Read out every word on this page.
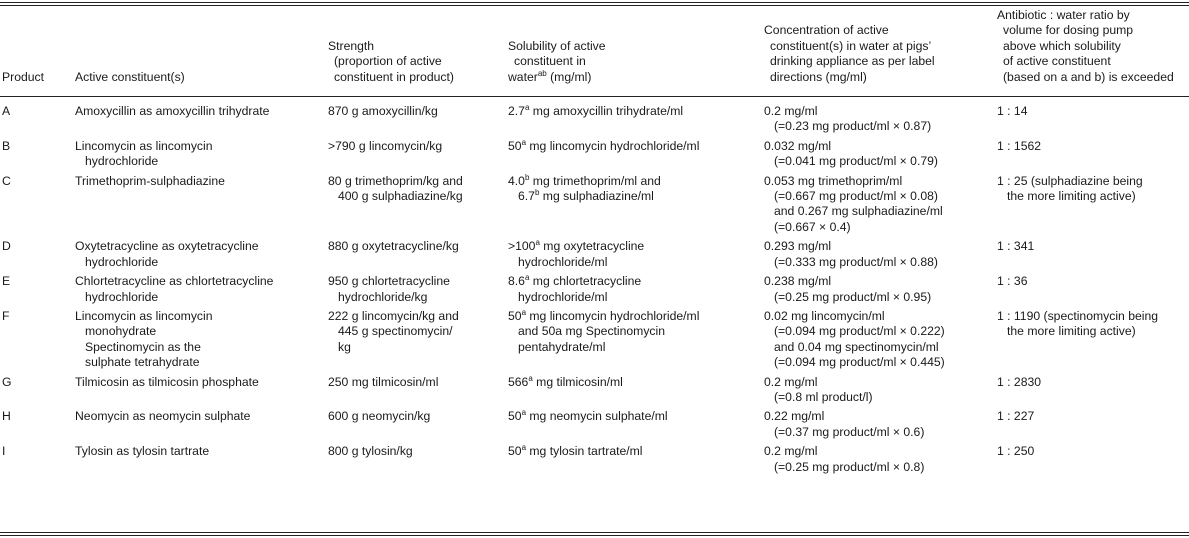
Product	Active constituent(s)	Strength
(proportion of active
constituent in product)	Solubility of active
constituent in
water$^{ab}$ (mg/ml)	Concentration of active
constituent(s) in water at pigs’
drinking appliance as per label
directions (mg/ml)	Antibiotic : water ratio by
volume for dosing pump
above which solubility
of active constituent
(based on a and b) is exceeded

A	Amoxycillin as amoxycillin trihydrate	870 g amoxycillin/kg	2.7$^a$ mg amoxycillin trihydrate/ml	0.2 mg/ml
(=0.23 mg product/ml × 0.87)	1 : 14

B	Lincomycin as lincomycin
hydrochloride	>790 g lincomycin/kg	50$^a$ mg lincomycin hydrochloride/ml	0.032 mg/ml
(=0.041 mg product/ml × 0.79)	1 : 1562

C	Trimethoprim-sulphadiazine	80 g trimethoprim/kg and
400 g sulphadiazine/kg	4.0$^b$ mg trimethoprim/ml and
6.7$^b$ mg sulphadiazine/ml	0.053 mg trimethoprim/ml
(=0.667 mg product/ml × 0.08)
and 0.267 mg sulphadiazine/ml
(=0.667 × 0.4)	1 : 25 (sulphadiazine being
the more limiting active)

D	Oxytetracycline as oxytetracycline
hydrochloride	880 g oxytetracycline/kg	$>100^a$ mg oxytetracycline
hydrochloride/ml	0.293 mg/ml
(=0.333 mg product/ml × 0.88)	1 : 341

E	Chlortetracycline as chlortetracycline
hydrochloride	950 g chlortetracycline
hydrochloride/kg	8.6$^a$ mg chlortetracycline
hydrochloride/ml	0.238 mg/ml
(=0.25 mg product/ml × 0.95)	1 : 36

F	Lincomycin as lincomycin
monohydrate
Spectinomycin as the
sulphate tetrahydrate	222 g lincomycin/kg and
445 g spectinomycin/
kg	50$^a$ mg lincomycin hydrochloride/ml
and 50a mg Spectinomycin
pentahydrate/ml	0.02 mg lincomycin/ml
(=0.094 mg product/ml × 0.222)
and 0.04 mg spectinomycin/ml
(=0.094 mg product/ml × 0.445)	1 : 1190 (spectinomycin being
the more limiting active)

G	Tilmicosin as tilmicosin phosphate	250 mg tilmicosin/ml	566$^a$ mg tilmicosin/ml	0.2 mg/ml
(=0.8 ml product/l)	1 : 2830

H	Neomycin as neomycin sulphate	600 g neomycin/kg	50$^a$ mg neomycin sulphate/ml	0.22 mg/ml
(=0.37 mg product/ml × 0.6)	1 : 227

I	Tylosin as tylosin tartrate	800 g tylosin/kg	50$^a$ mg tylosin tartrate/ml	0.2 mg/ml
(=0.25 mg product/ml × 0.8)	1 : 250
